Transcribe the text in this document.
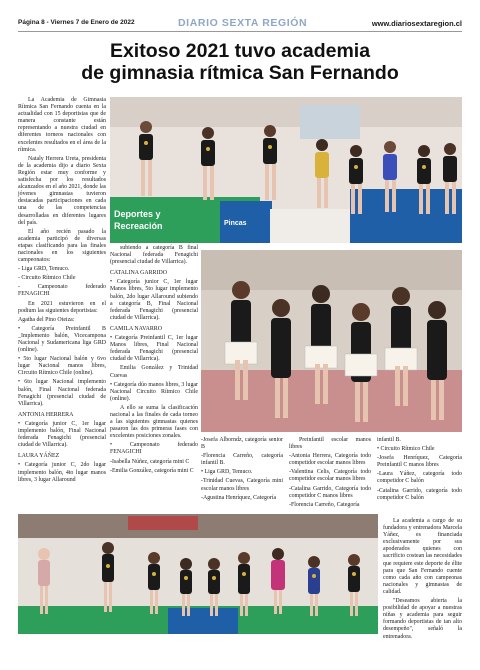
Página 8 - Viernes 7 de Enero de 2022	DIARIO SEXTA REGIÓN	www.diariosextaregion.cl
Exitoso 2021 tuvo academia
de gimnasia rítmica San Fernando

La Academia de Gimnasia Rítmica San Fernando cuenta en la actualidad con 15 deportistas que de manera constante están representando a nuestra ciudad en diferentes torneos nacionales con excelentes resultados en el área de la rítmica.

Nataly Herrera Ureta, presidenta de la academia dijo a diario Sexta Región estar muy conforme y satisfecha por los resultados alcanzados en el año 2021, donde las jóvenes gimnastas tuvieron destacadas participaciones en cada una de las competencias desarrolladas en diferentes lugares del país.

El año recién pasado la academia participó de diversas etapas clasificando para las finales nacionales en los siguientes campeonatos:

- Liga GRD, Temuco.

- Circuito Rítmico Chile

- Campeonato federado FENAGICHI

En 2021 estuvieron en el podium las siguientes deportistas:

Agatha del Pino Oteiza:

• Categoría Preinfantil B _Implemento balón, Vicecampona Nacional y Sudamericana liga GRD (online).

• 5to lugar Nacional balón y 6vo lugar Nacional manos libres, Circuito Rítmico Chile (online).

• 6to lugar Nacional implemento balón, Final Nacional federada Fenagichi (presencial ciudad de Villarrica).

ANTONIA HERRERA

• Categoría junior C, 1er lugar implemento balón, Final Nacional federada Fenagichi (presencial ciudad de Villarrica).

LAURA YÁÑEZ

• Categoría junior C, 2do lugar implemento balón, 4to lugar manos libres, 3 lugar Allaround

Deportes y
Recreación	Pincas

subiendo a categoría B final Nacional federada Fenagichi (presencial ciudad de Villarrica).

CATALINA GARRIDO

• Categoría junior C, 1er lugar Manos libres, 5to lugar implemento balón, 2do lugar Allaround subiendo a categoría B, Final Nacional federada Fenagichi (presencial ciudad de Villarrica).

CAMILA NAVARRO

• Categoría Preinfantil C, 1er lugar Manos libres, Final Nacional federada Fenagichi (presencial ciudad de Villarrica).

Emilia González y Trinidad Cuevas

• Categoría dúo manos libres, 3 lugar Nacional Circuito Rítmico Chile (online).

A ello se suma la clasificación nacional a las finales de cada torneo a las siguientes gimnastas quienes pasaron las dos primeras fases con excelentes posiciones zonales.

• Campeonato federado FENAGICHI

-Isabella Núñez, categoría mini C

-Emilia González, categoría mini C

-Josefa Alborndz, categoría senior B

-Florencia Carreño, categoría infantil B.

• Liga GRD, Temuco.

-Trinidad Cuevas, Categoría mini escolar manos libres

-Agustina Henríquez, Categoría

Preinfantil escolar manos libres

-Antonia Herrera, Categoría todo competidor escolar manos libres

-Valentina Celis, Categoría todo competidor escolar manos libres

-Catalina Garrido, Categoría todo competidor C manos libres

-Florencia Carreño, Categoría

infantil B.

• Circuito Rítmico Chile

-Josefa Henríquez, Categoría Preinfantil C manos libres

-Laura Yáñez, categoría todo competidor C balón

-Catalina Garrido, categoría todo competidor C balón

La academia a cargo de su fundadora y entrenadora Marcela Yáñez, es financiada exclusivamente por sus apoderados quienes con sacrificio costean las necesidades que requiere este deporte de élite para que San Fernando cuente como cada año con campeonas nacionales y gimnastas de calidad.

"Deseamos abierta la posibilidad de apoyar a nuestras niñas y academia para seguir formando deportistas de tan alto desempeño", señaló la entrenadora.
